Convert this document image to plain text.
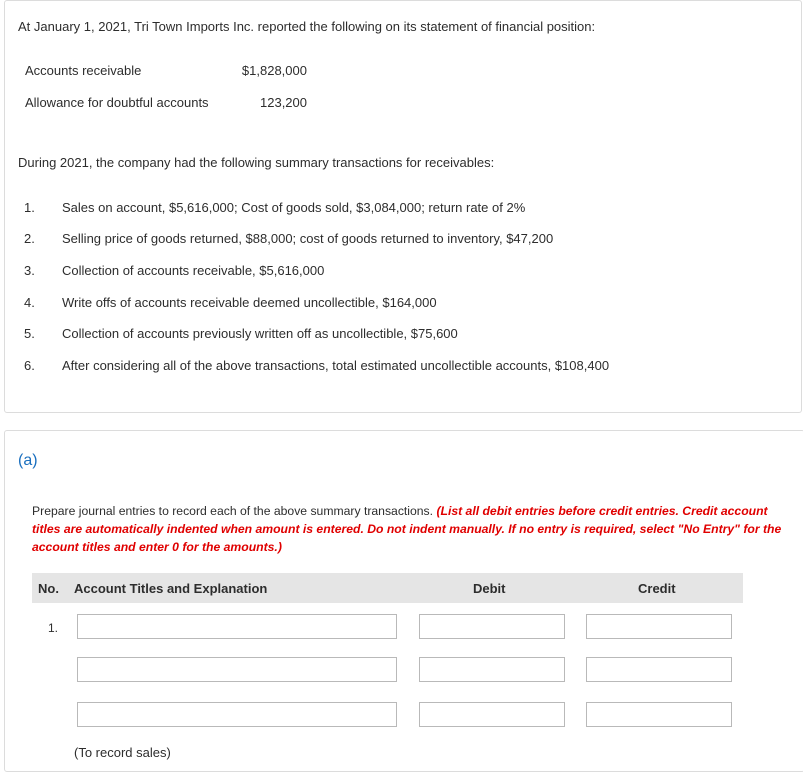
At January 1, 2021, Tri Town Imports Inc. reported the following on its statement of financial position:
Accounts receivable	$1,828,000
Allowance for doubtful accounts	123,200
During 2021, the company had the following summary transactions for receivables:
1.	Sales on account, $5,616,000; Cost of goods sold, $3,084,000; return rate of 2%
2.	Selling price of goods returned, $88,000; cost of goods returned to inventory, $47,200
3.	Collection of accounts receivable, $5,616,000
4.	Write offs of accounts receivable deemed uncollectible, $164,000
5.	Collection of accounts previously written off as uncollectible, $75,600
6.	After considering all of the above transactions, total estimated uncollectible accounts, $108,400
(a)
Prepare journal entries to record each of the above summary transactions. (List all debit entries before credit entries. Credit account titles are automatically indented when amount is entered. Do not indent manually. If no entry is required, select "No Entry" for the account titles and enter 0 for the amounts.)
No. Account Titles and Explanation	Debit	Credit
1.
(To record sales)
